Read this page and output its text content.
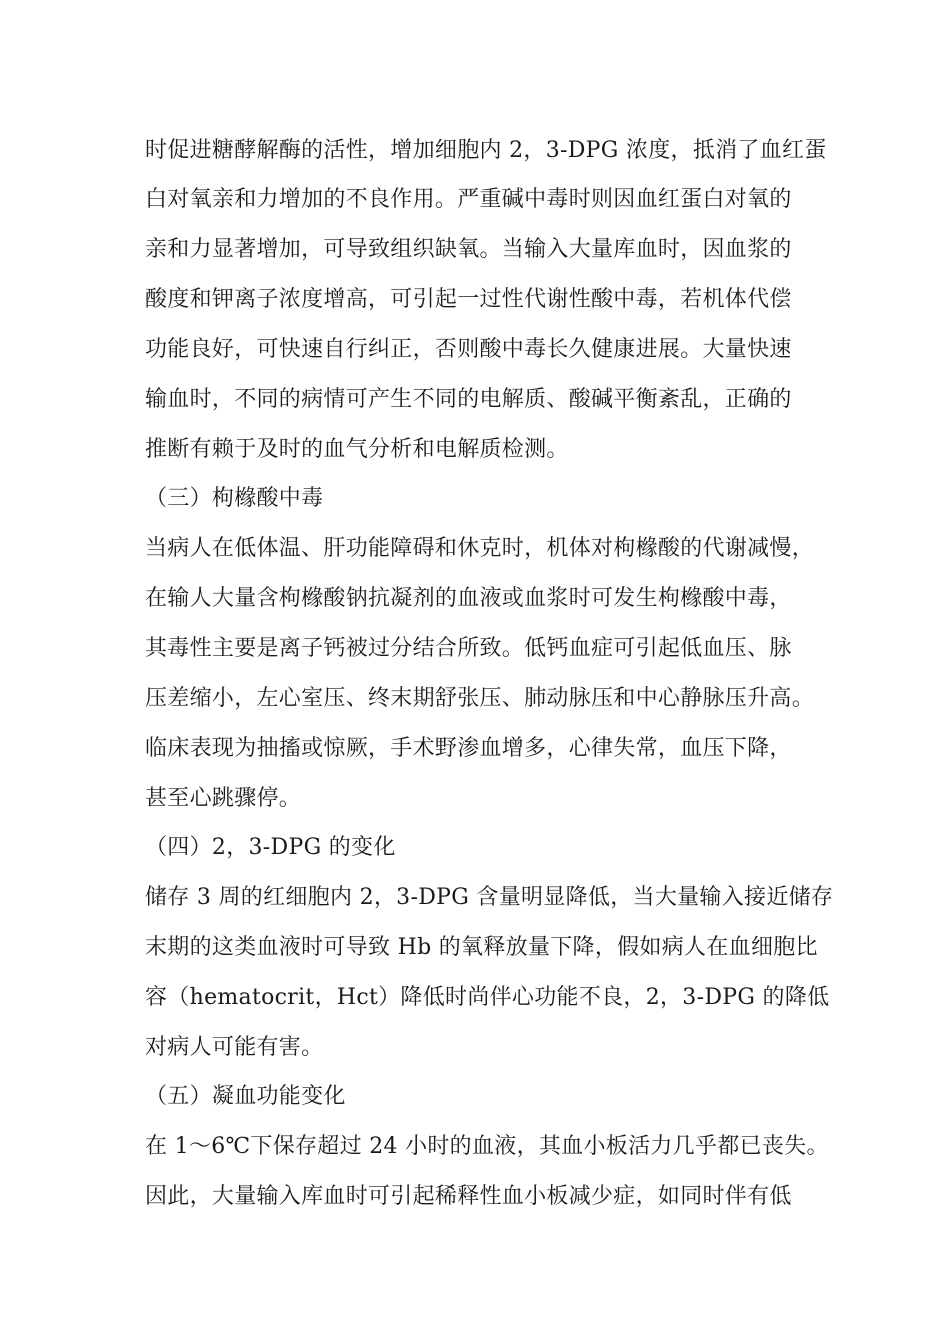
时促进糖酵解酶的活性，增加细胞内 2，3-DPG 浓度，抵消了血红蛋
白对氧亲和力增加的不良作用。严重碱中毒时则因血红蛋白对氧的
亲和力显著增加，可导致组织缺氧。当输入大量库血时，因血浆的
酸度和钾离子浓度增高，可引起一过性代谢性酸中毒，若机体代偿
功能良好，可快速自行纠正，否则酸中毒长久健康进展。大量快速
输血时，不同的病情可产生不同的电解质、酸碱平衡紊乱，正确的
推断有赖于及时的血气分析和电解质检测。
（三）枸橼酸中毒
当病人在低体温、肝功能障碍和休克时，机体对枸橼酸的代谢减慢，
在输人大量含枸橼酸钠抗凝剂的血液或血浆时可发生枸橼酸中毒，
其毒性主要是离子钙被过分结合所致。低钙血症可引起低血压、脉
压差缩小，左心室压、终末期舒张压、肺动脉压和中心静脉压升高。
临床表现为抽搐或惊厥，手术野渗血增多，心律失常，血压下降，
甚至心跳骤停。
（四）2，3-DPG 的变化
储存 3 周的红细胞内 2，3-DPG 含量明显降低，当大量输入接近储存
末期的这类血液时可导致 Hb 的氧释放量下降，假如病人在血细胞比
容（hematocrit，Hct）降低时尚伴心功能不良，2，3-DPG 的降低
对病人可能有害。
（五）凝血功能变化
在 1～6℃下保存超过 24 小时的血液，其血小板活力几乎都已丧失。
因此，大量输入库血时可引起稀释性血小板减少症，如同时伴有低
